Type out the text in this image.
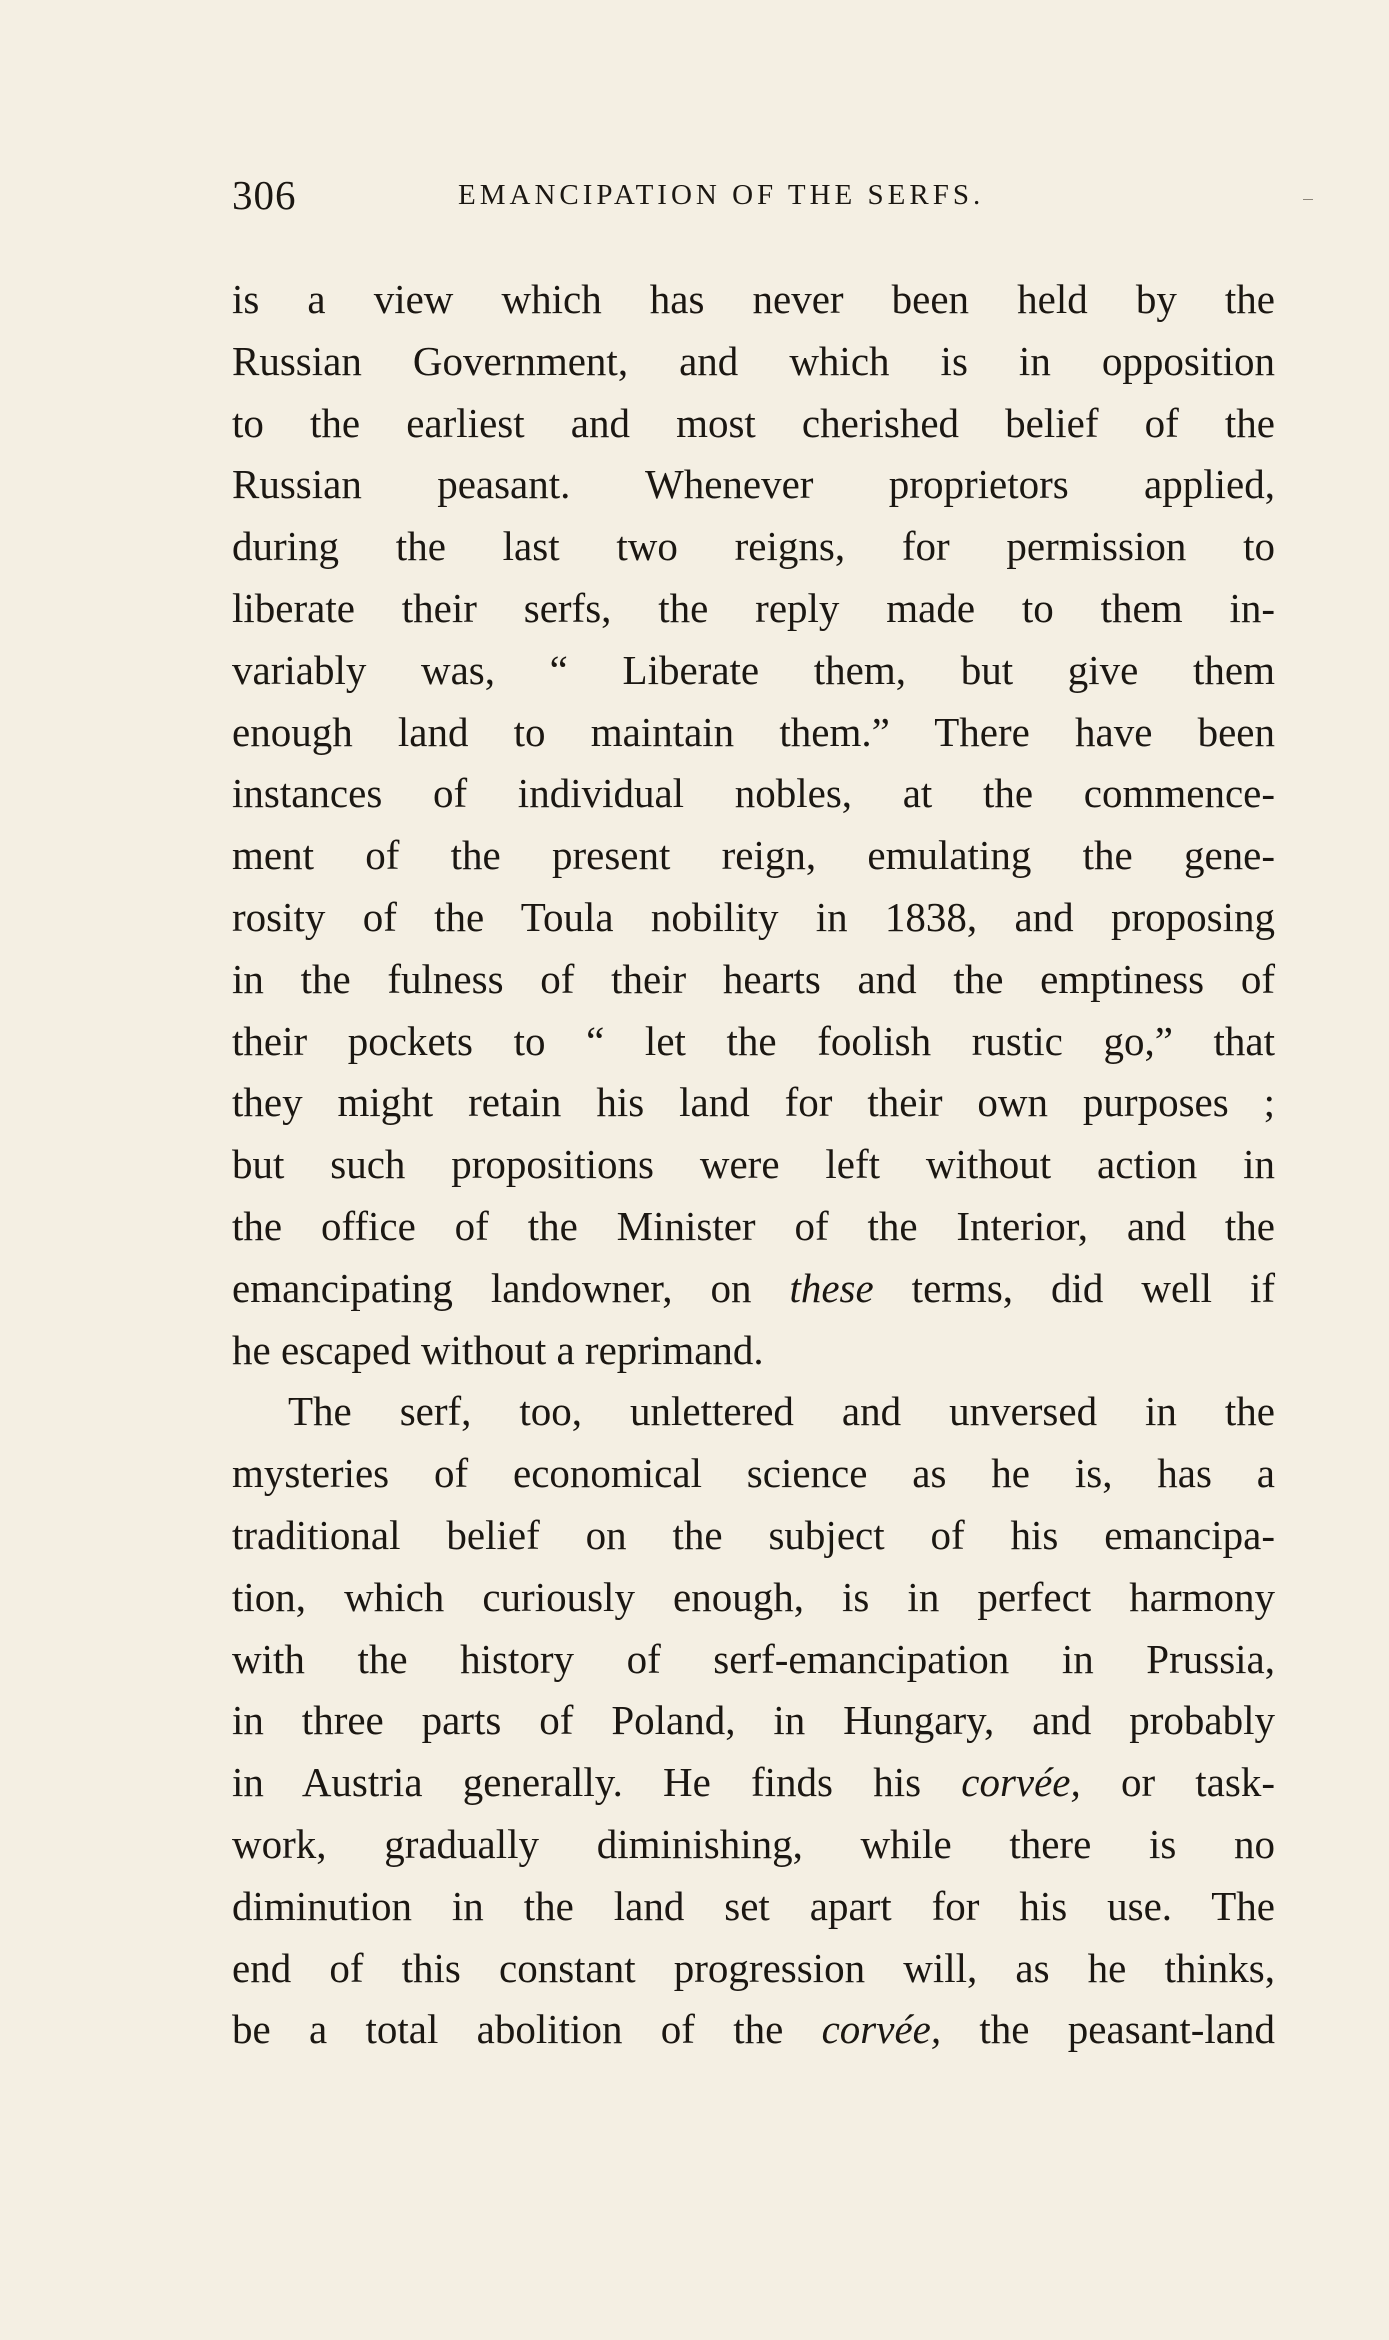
306	EMANCIPATION OF THE SERFS.
is a view which has never been held by the
Russian Government, and which is in opposition
to the earliest and most cherished belief of the
Russian peasant. Whenever proprietors applied,
during the last two reigns, for permission to
liberate their serfs, the reply made to them in-
variably was, “ Liberate them, but give them
enough land to maintain them.” There have been
instances of individual nobles, at the commence-
ment of the present reign, emulating the gene-
rosity of the Toula nobility in 1838, and proposing
in the fulness of their hearts and the emptiness of
their pockets to “ let the foolish rustic go,” that
they might retain his land for their own purposes ;
but such propositions were left without action in
the office of the Minister of the Interior, and the
emancipating landowner, on these terms, did well if
he escaped without a reprimand.
The serf, too, unlettered and unversed in the
mysteries of economical science as he is, has a
traditional belief on the subject of his emancipa-
tion, which curiously enough, is in perfect harmony
with the history of serf-emancipation in Prussia,
in three parts of Poland, in Hungary, and probably
in Austria generally. He finds his corvée, or task-
work, gradually diminishing, while there is no
diminution in the land set apart for his use. The
end of this constant progression will, as he thinks,
be a total abolition of the corvée, the peasant-land
